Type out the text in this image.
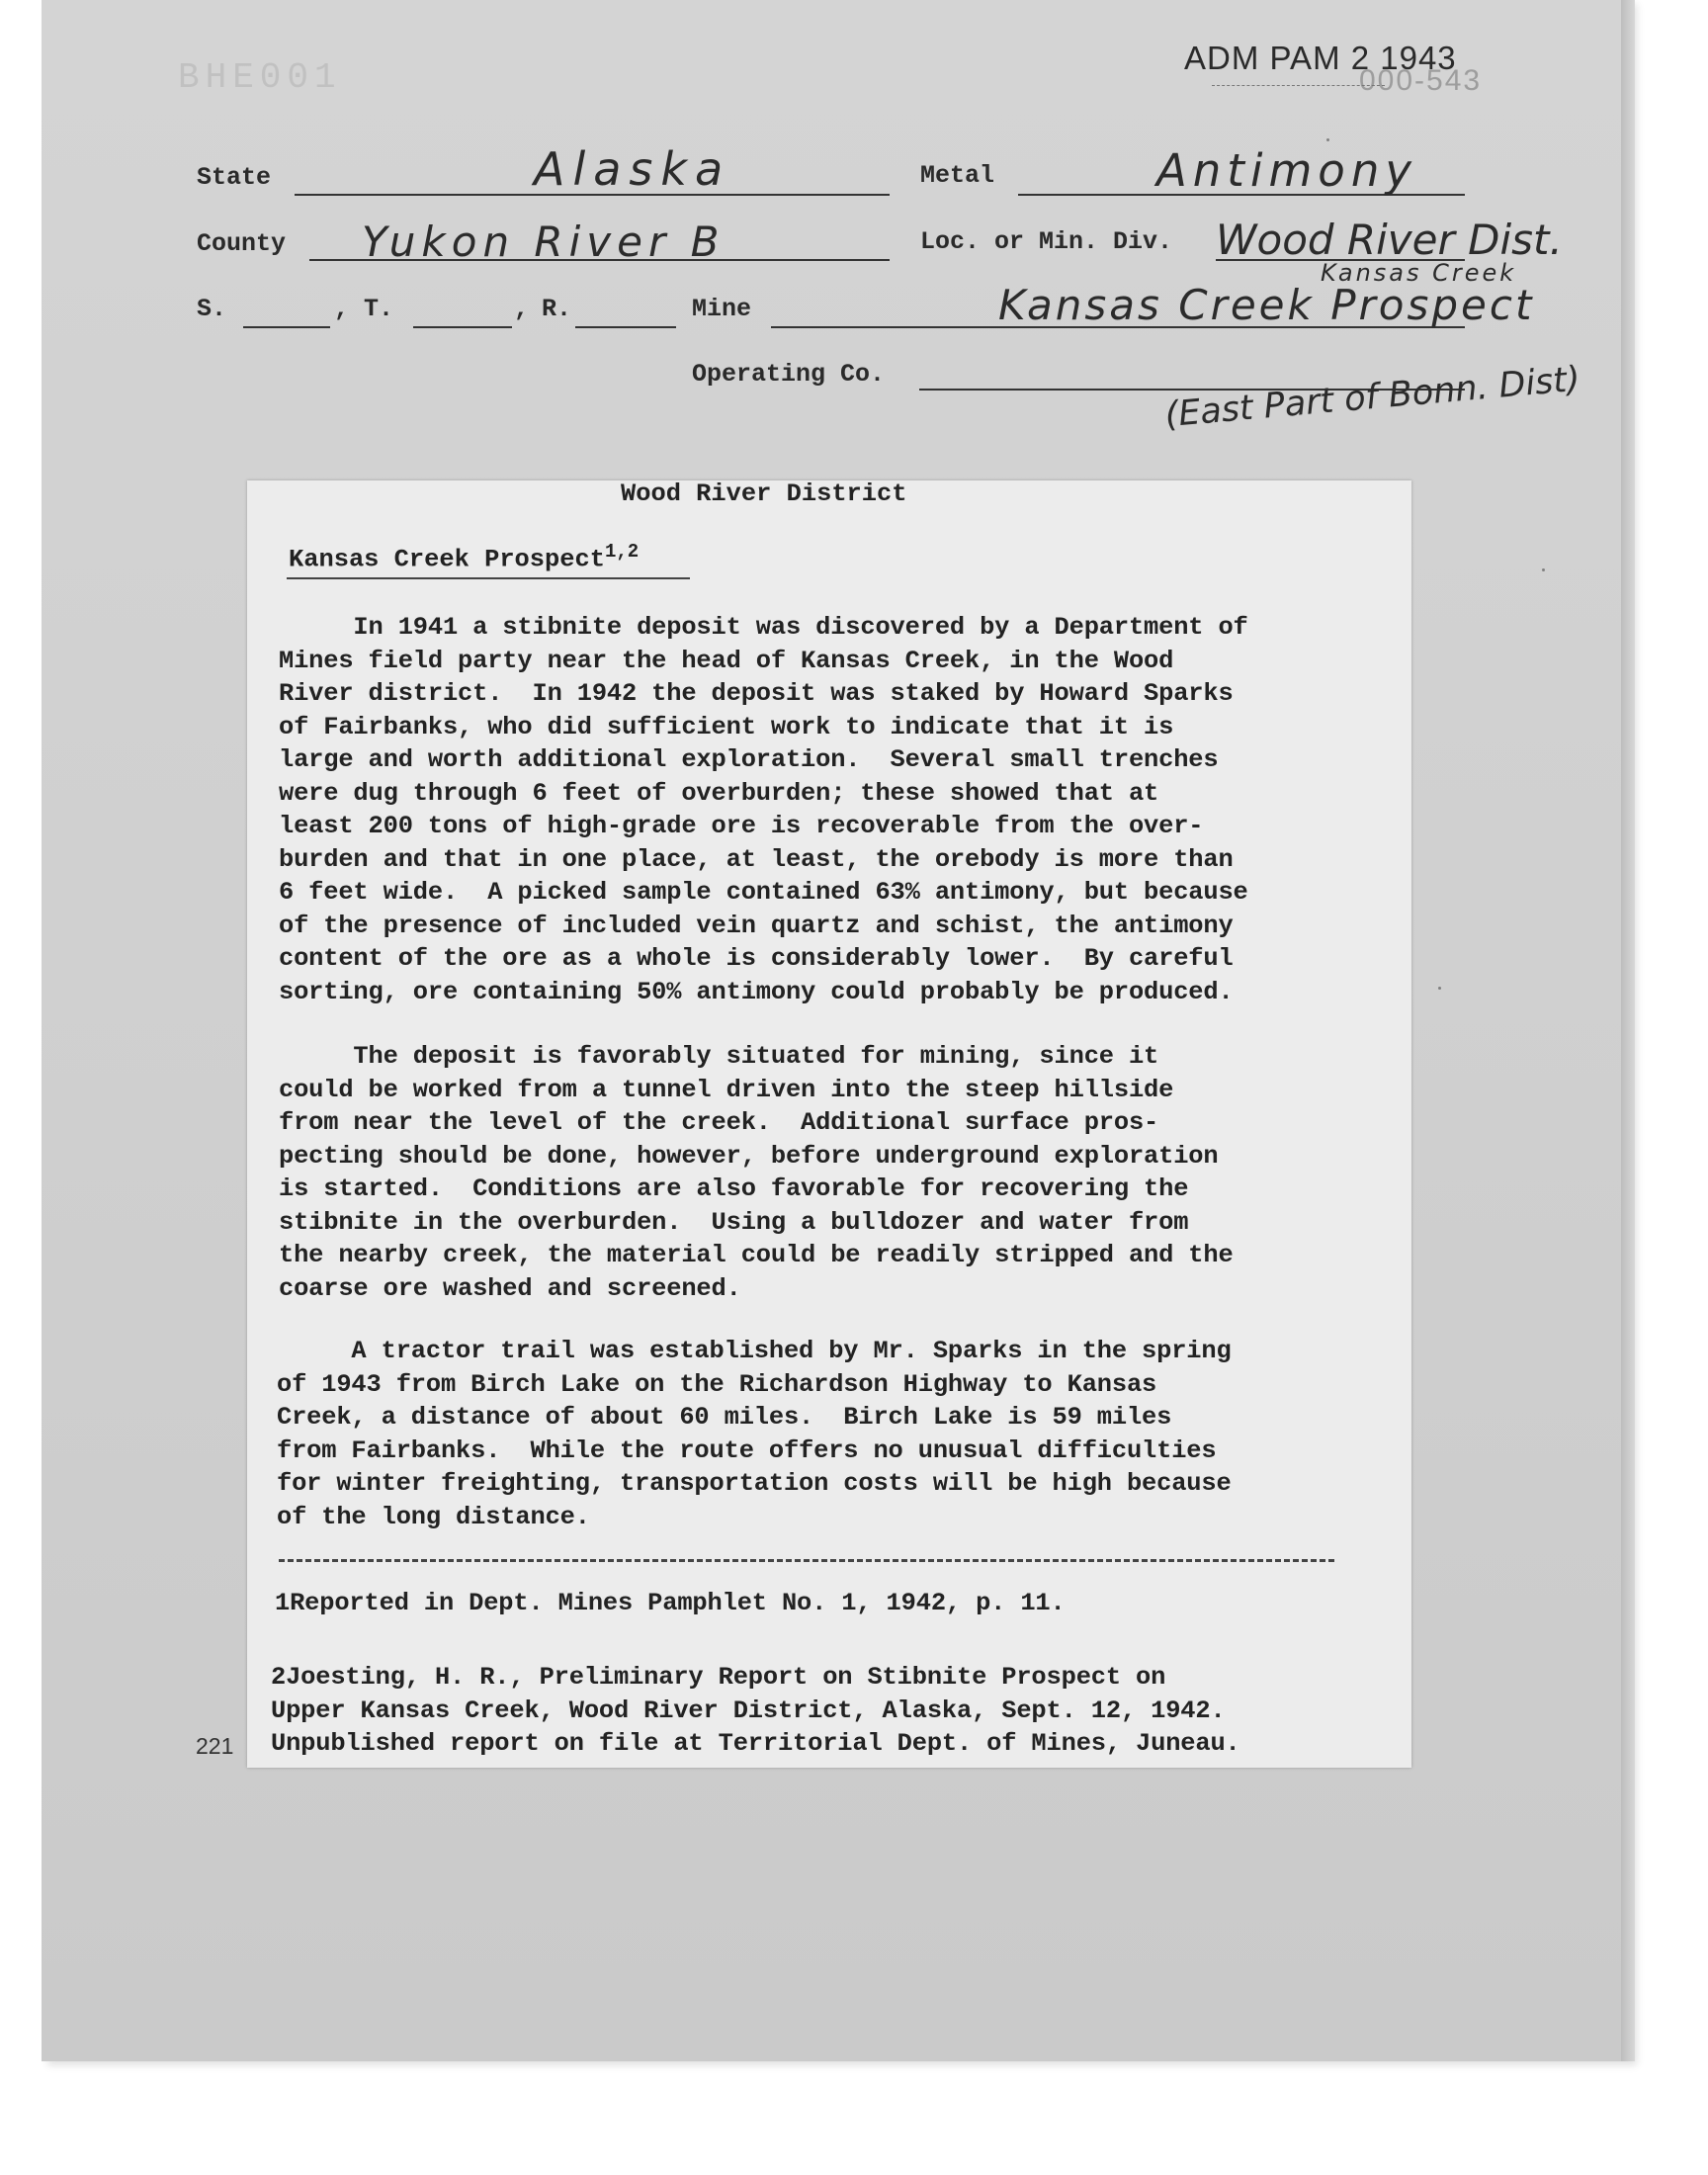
BHE001	ADM PAM 2 1943
000-543
State	Alaska	Metal	Antimony
County Yukon River B	Loc. or Min. Div. Wood River Dist.
Kansas Creek
S.	, T.	, R.	Mine	Kansas Creek Prospect
Operating Co.	(East Part of Bonn. Dist)
Wood River District
Kansas Creek Prospect$^{1,2}$

In 1941 a stibnite deposit was discovered by a Department of
Mines field party near the head of Kansas Creek, in the Wood
River district.  In 1942 the deposit was staked by Howard Sparks
of Fairbanks, who did sufficient work to indicate that it is
large and worth additional exploration.  Several small trenches
were dug through 6 feet of overburden; these showed that at
least 200 tons of high-grade ore is recoverable from the over-
burden and that in one place, at least, the orebody is more than
6 feet wide.  A picked sample contained 63% antimony, but because
of the presence of included vein quartz and schist, the antimony
content of the ore as a whole is considerably lower.  By careful
sorting, ore containing 50% antimony could probably be produced.

The deposit is favorably situated for mining, since it
could be worked from a tunnel driven into the steep hillside
from near the level of the creek.  Additional surface pros-
pecting should be done, however, before underground exploration
is started.  Conditions are also favorable for recovering the
stibnite in the overburden.  Using a bulldozer and water from
the nearby creek, the material could be readily stripped and the
coarse ore washed and screened.

A tractor trail was established by Mr. Sparks in the spring
of 1943 from Birch Lake on the Richardson Highway to Kansas
Creek, a distance of about 60 miles.  Birch Lake is 59 miles
from Fairbanks.  While the route offers no unusual difficulties
for winter freighting, transportation costs will be high because
of the long distance.

1Reported in Dept. Mines Pamphlet No. 1, 1942, p. 11.

2Joesting, H. R., Preliminary Report on Stibnite Prospect on
Upper Kansas Creek, Wood River District, Alaska, Sept. 12, 1942.
Unpublished report on file at Territorial Dept. of Mines, Juneau.

221
